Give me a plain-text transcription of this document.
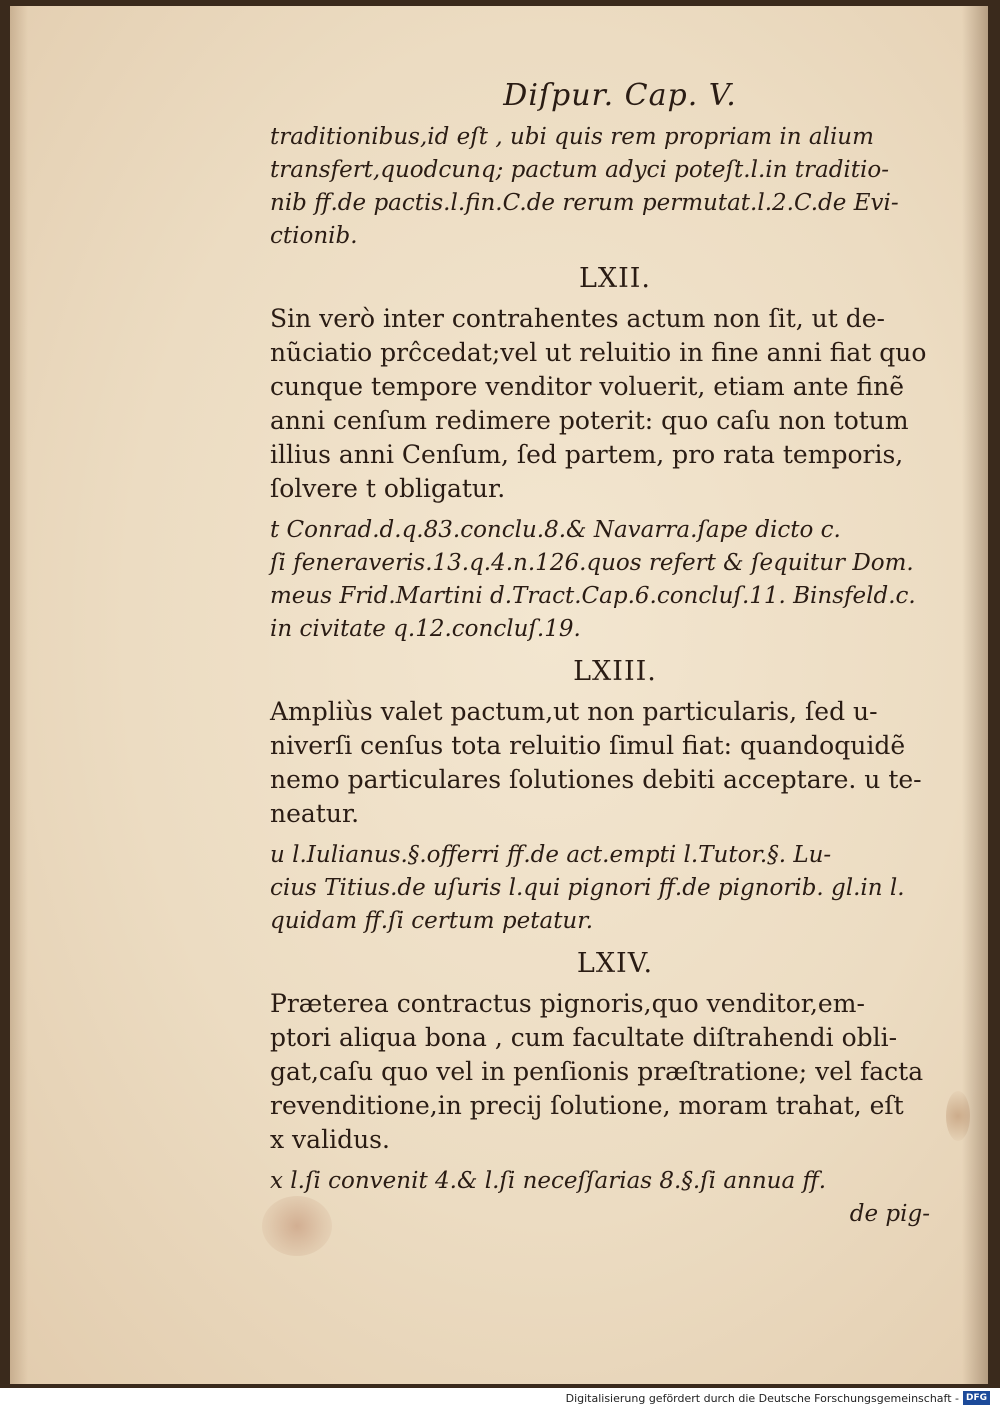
Diſpur. Cap. V.

traditionibus,id eſt , ubi quis rem propriam in alium

transfert,quodcunq; pactum adyci poteſt.l.in traditio-

nib ff.de pactis.l.fin.C.de rerum permutat.l.2.C.de Evi-

ctionib.

LXII.

Sin verò inter contrahentes actum non ſit, ut de-

nũciatio prĉcedat;vel ut reluitio in fine anni fiat quo

cunque tempore venditor voluerit, etiam ante finẽ

anni cenſum redimere poterit: quo caſu non totum

illius anni Cenſum, ſed partem, pro rata temporis,

ſolvere t obligatur.

t Conrad.d.q.83.conclu.8.& Navarra.ſape dicto c.

ſi feneraveris.13.q.4.n.126.quos refert & ſequitur Dom.

meus Frid.Martini d.Tract.Cap.6.concluſ.11. Binsfeld.c.

in civitate q.12.concluſ.19.

LXIII.

Ampliùs valet pactum,ut non particularis, ſed u-

niverſi cenſus tota reluitio ſimul fiat: quandoquidẽ

nemo particulares ſolutiones debiti acceptare. u te-

neatur.

u l.Iulianus.§.offerri ff.de act.empti l.Tutor.§. Lu-

cius Titius.de uſuris l.qui pignori ff.de pignorib. gl.in l.

quidam ff.ſi certum petatur.

LXIV.

Præterea contractus pignoris,quo venditor,em-

ptori aliqua bona , cum facultate diſtrahendi obli-

gat,caſu quo vel in penſionis præſtratione; vel facta

revenditione,in precij ſolutione, moram trahat, eſt

x validus.

x l.ſi convenit 4.& l.ſi neceſſarias 8.§.ſi annua ff.

de pig-

Digitalisierung gefördert durch die Deutsche Forschungsgemeinschaft - DFG
